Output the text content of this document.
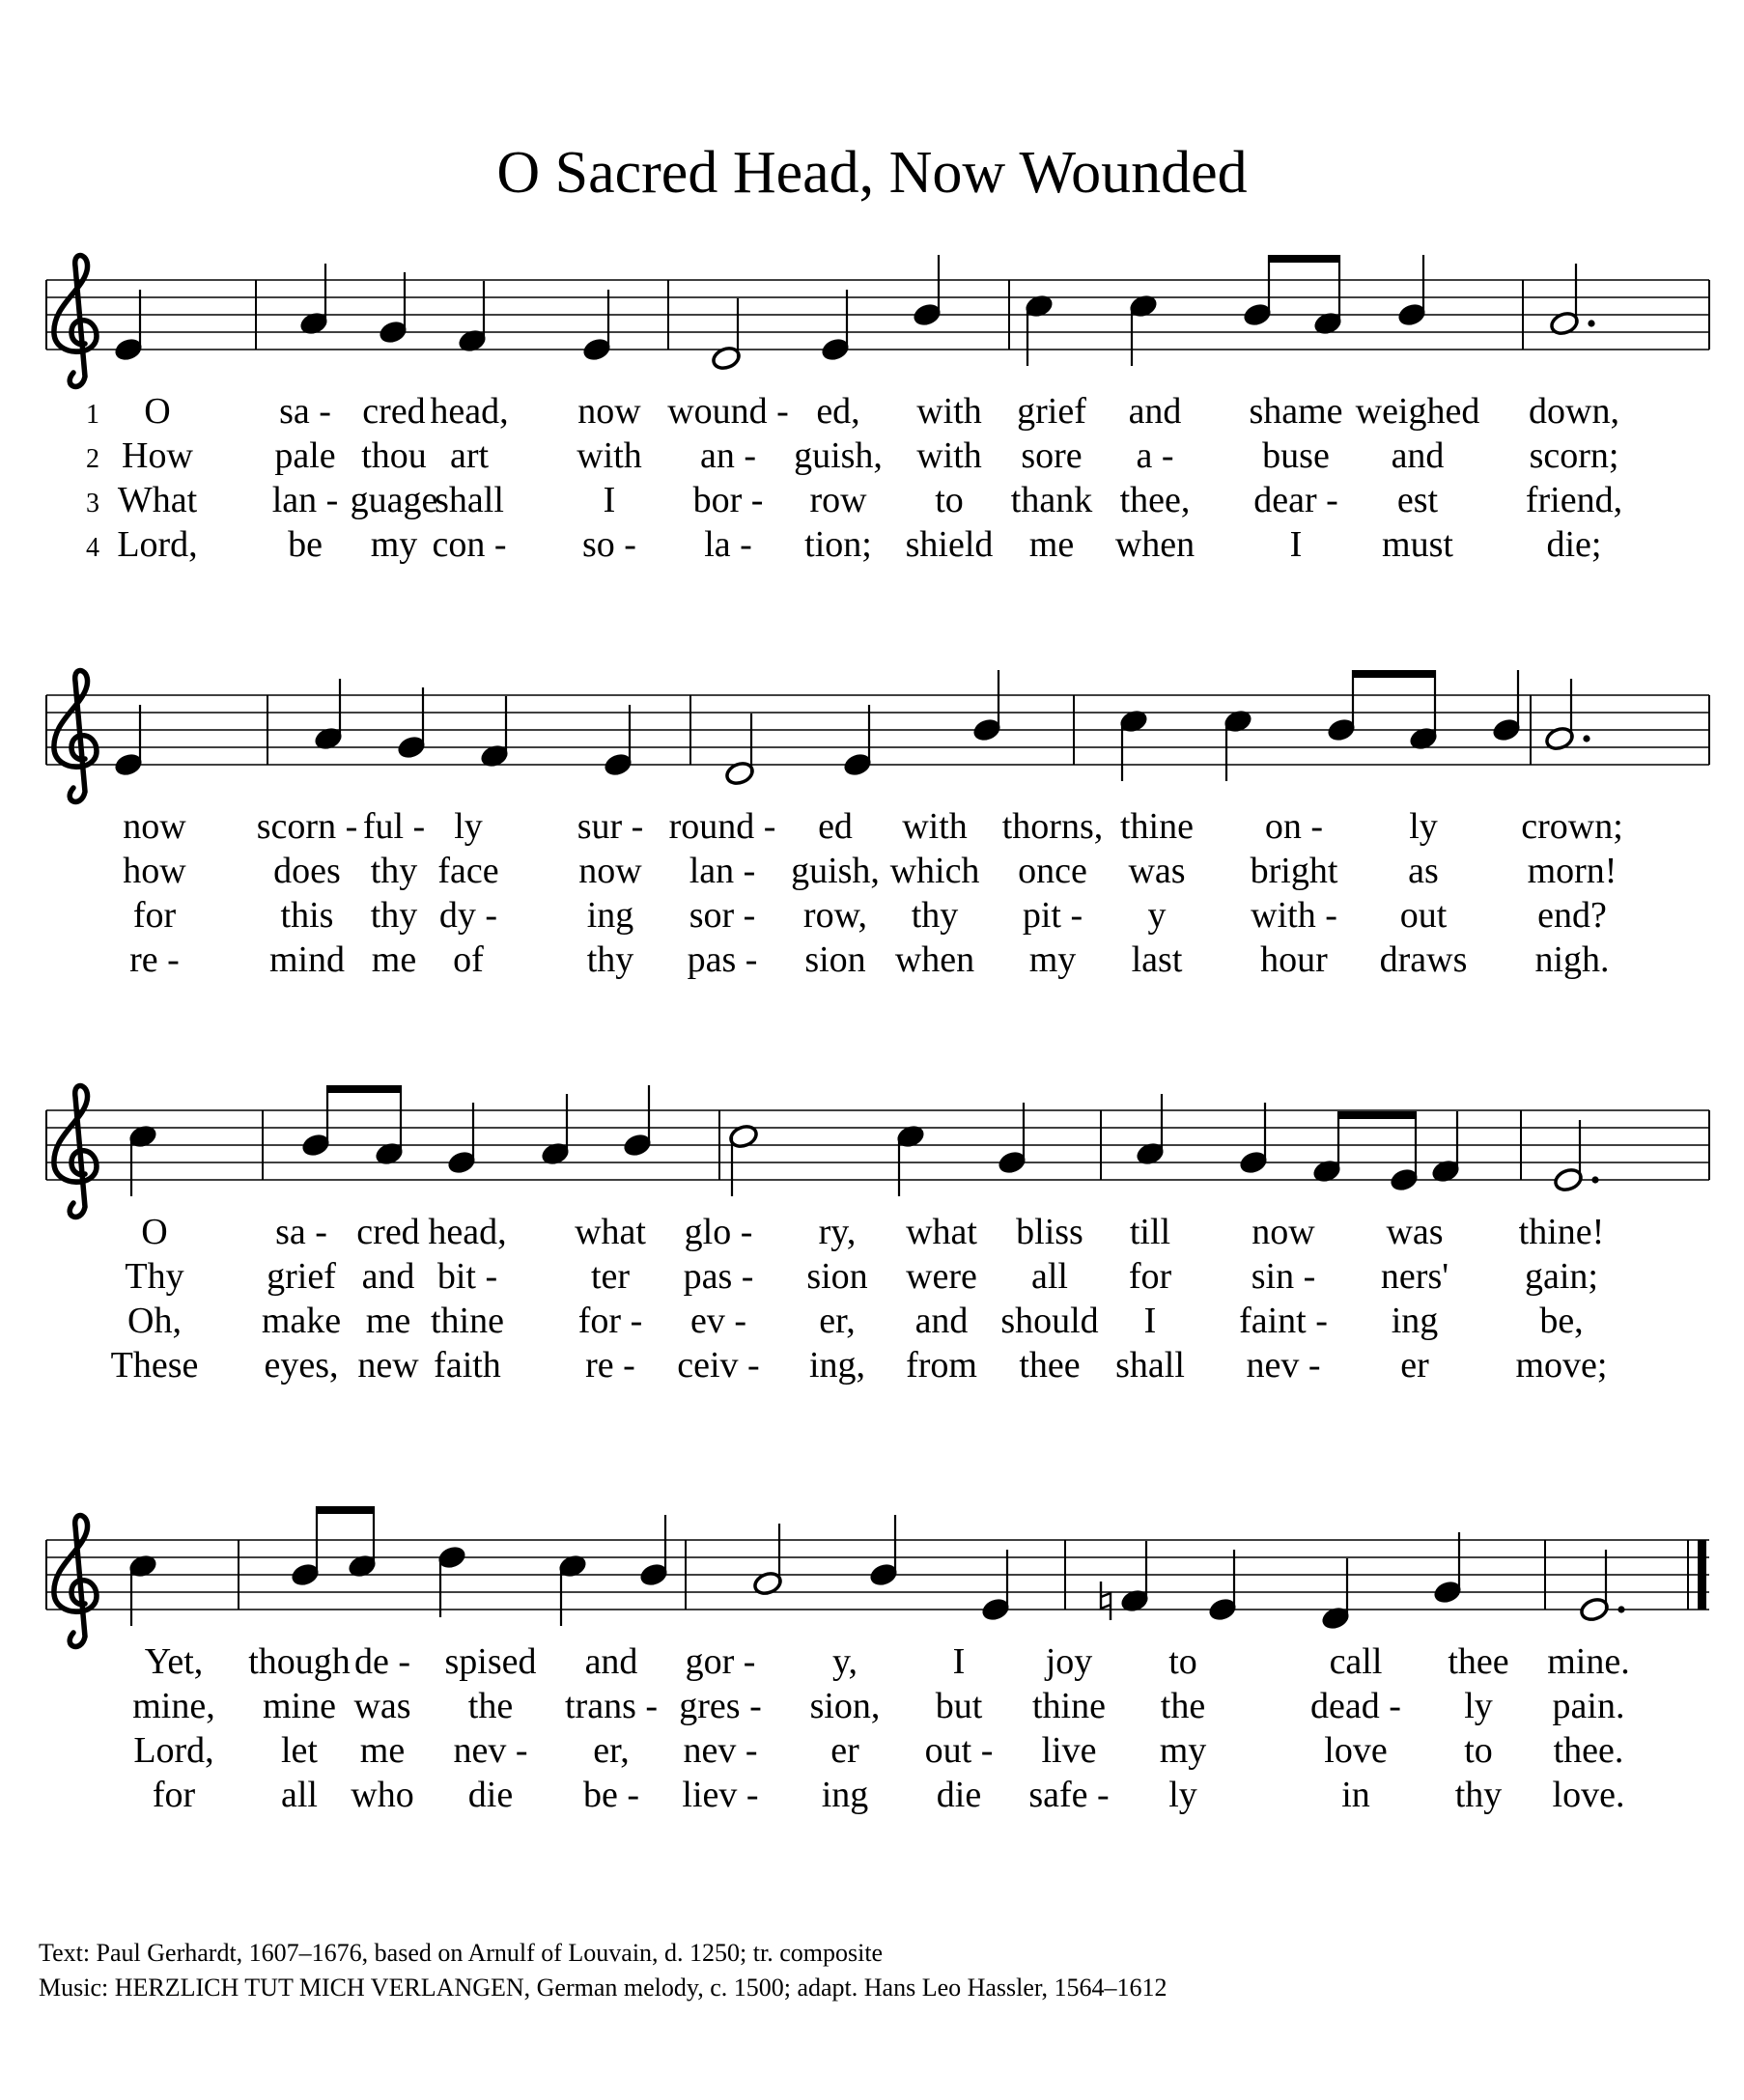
O Sacred Head, Now Wounded
1 O	sa - cred head, now wound - ed, with grief and shame weighed down,
2 How pale thou art with an - guish, with sore a - buse and scorn;
3 What lan - guage
shall	I bor - row to thank thee, dear - est friend,
4 Lord, be my con - so - la - tion; shield me when	I must	die;
now scorn - ful - ly	sur - round - ed with thorns, thine on - ly crown;
how does thy face now lan - guish, which once was bright as morn!
for	this thy dy - ing sor - row, thy pit - y with - out end?
re - mind me of	thy pas - sion when my last hour draws nigh.
O	sa - cred head, what glo - ry, what bliss till now was thine!
Thy grief and bit -	ter pas - sion were all for sin - ners' gain;
Oh, make me thine for - ev - er, and should I faint - ing	be,
These eyes, new faith re - ceiv - ing, from thee shall nev - er move;
Yet, though de - spised and gor - y,	I joy to	call thee mine.
mine, mine was the trans - gres - sion, but thine the	dead - ly pain.
Lord, let me nev - er, nev - er out - live my	love to thee.
for all who die be - liev - ing die safe - ly	in thy love.
Text: Paul Gerhardt, 1607–1676, based on Arnulf of Louvain, d. 1250; tr. composite
Music: HERZLICH TUT MICH VERLANGEN, German melody, c. 1500; adapt. Hans Leo Hassler, 1564–1612
